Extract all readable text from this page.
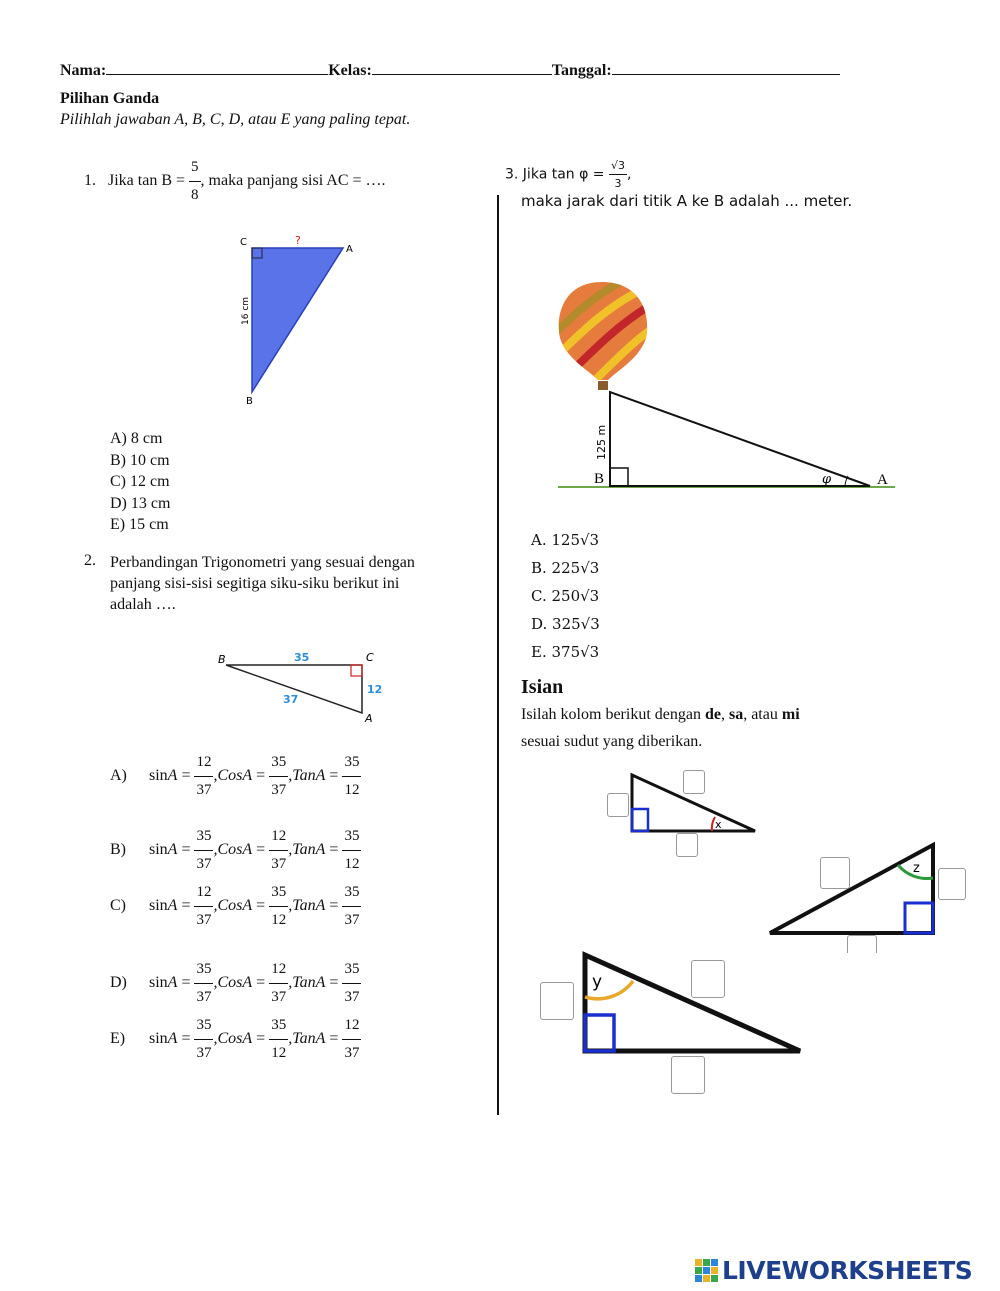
Nama:	Kelas:	Tanggal:
Pilihan Ganda
Pilihlah jawaban A, B, C, D, atau E yang paling tepat.
1. Jika $\tan B = \frac{5}{8}$ , maka panjang sisi AC = ….
C
A
B
?
16 cm
A) 8 cm
B) 10 cm
C) 12 cm
D) 13 cm
E) 15 cm
2. Perbandingan Trigonometri yang sesuai dengan
panjang sisi-sisi segitiga siku-siku berikut ini
adalah ….
B	C
A
35
12
37
A) $\sin A = \frac{12}{37}$ ,CosA = $\frac{35}{37}$ ,TanA = $\frac{35}{12}$
B) $\sin A = \frac{35}{37}$ ,CosA = $\frac{12}{37}$ ,TanA = $\frac{35}{12}$
C) $\sin A = \frac{12}{37}$ ,CosA = $\frac{35}{12}$ ,TanA = $\frac{35}{37}$
D) $\sin A = \frac{35}{37}$ ,CosA = $\frac{12}{37}$ ,TanA = $\frac{35}{37}$
E) $\sin A = \frac{35}{37}$ ,CosA = $\frac{35}{12}$ ,TanA = $\frac{12}{37}$
3. Jika $\tan \varphi = \frac{√3}{3}$ ,
maka jarak dari titik A ke B adalah ... meter.
φ
B	A
125 m
A. 125√3
B. 225√3
C. 250√3
D. 325√3
E. 375√3
Isian
Isilah kolom berikut dengan de, sa, atau mi
sesuai sudut yang diberikan.
x
z
y
LIVEWORKSHEETS
